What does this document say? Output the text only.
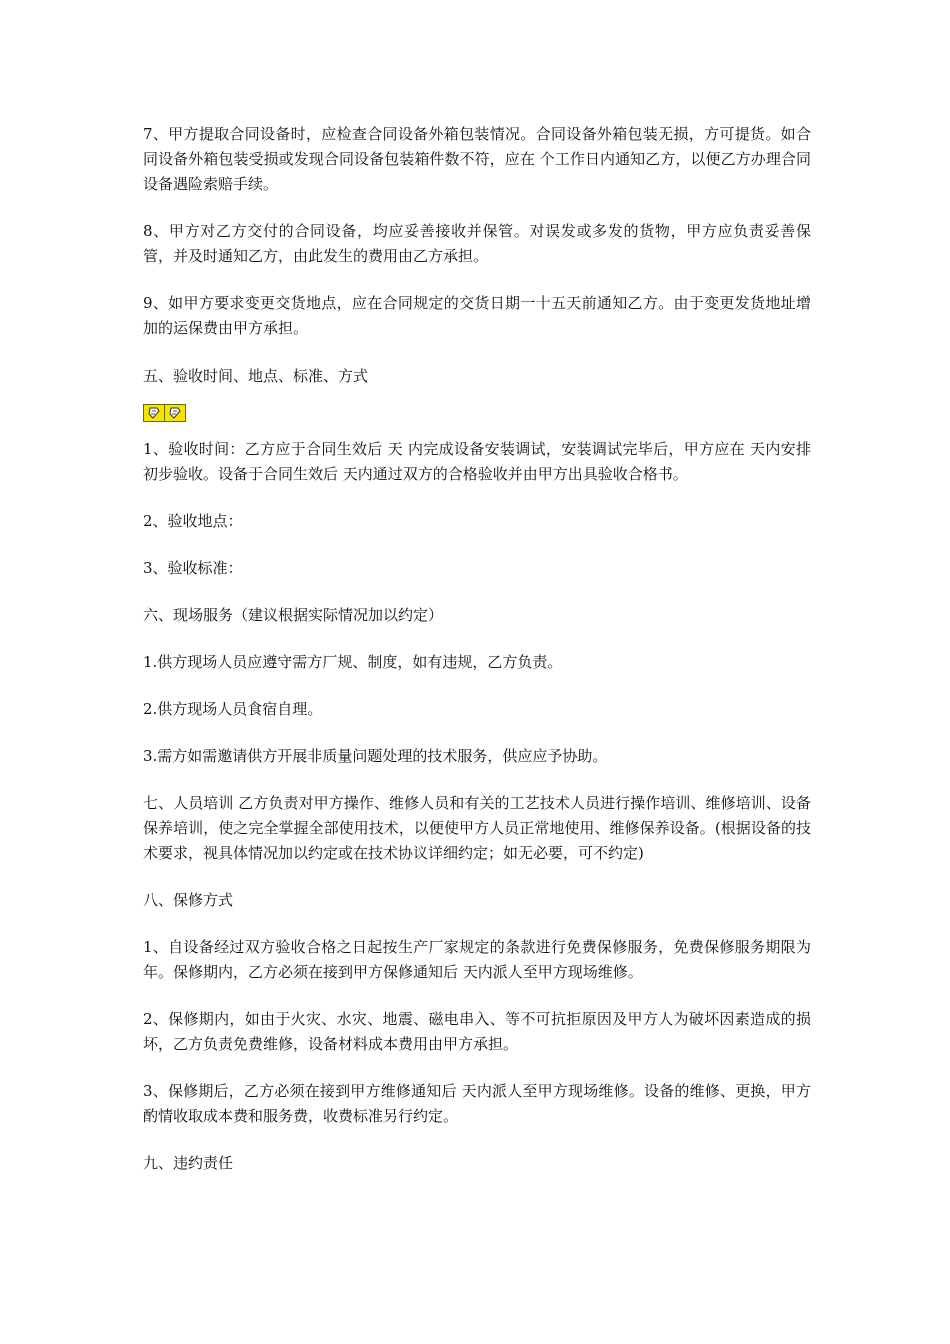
7、甲方提取合同设备时，应检查合同设备外箱包装情况。合同设备外箱包装无损，方可提货。如合同设备外箱包装受损或发现合同设备包装箱件数不符，应在 个工作日内通知乙方，以便乙方办理合同设备遇险索赔手续。

8、甲方对乙方交付的合同设备，均应妥善接收并保管。对误发或多发的货物，甲方应负责妥善保管，并及时通知乙方，由此发生的费用由乙方承担。

9、如甲方要求变更交货地点，应在合同规定的交货日期一十五天前通知乙方。由于变更发货地址增加的运保费由甲方承担。

五、验收时间、地点、标准、方式

1、验收时间：乙方应于合同生效后 天 内完成设备安装调试，安装调试完毕后，甲方应在 天内安排初步验收。设备于合同生效后 天内通过双方的合格验收并由甲方出具验收合格书。

2、验收地点：

3、验收标准：

六、现场服务（建议根据实际情况加以约定）

1.供方现场人员应遵守需方厂规、制度，如有违规，乙方负责。

2.供方现场人员食宿自理。

3.需方如需邀请供方开展非质量问题处理的技术服务，供应应予协助。

七、人员培训 乙方负责对甲方操作、维修人员和有关的工艺技术人员进行操作培训、维修培训、设备保养培训，使之完全掌握全部使用技术，以便使甲方人员正常地使用、维修保养设备。(根据设备的技术要求，视具体情况加以约定或在技术协议详细约定；如无必要，可不约定)

八、保修方式

1、自设备经过双方验收合格之日起按生产厂家规定的条款进行免费保修服务，免费保修服务期限为 年。保修期内，乙方必须在接到甲方保修通知后 天内派人至甲方现场维修。

2、保修期内，如由于火灾、水灾、地震、磁电串入、等不可抗拒原因及甲方人为破坏因素造成的损坏，乙方负责免费维修，设备材料成本费用由甲方承担。

3、保修期后，乙方必须在接到甲方维修通知后 天内派人至甲方现场维修。设备的维修、更换，甲方酌情收取成本费和服务费，收费标准另行约定。

九、违约责任
